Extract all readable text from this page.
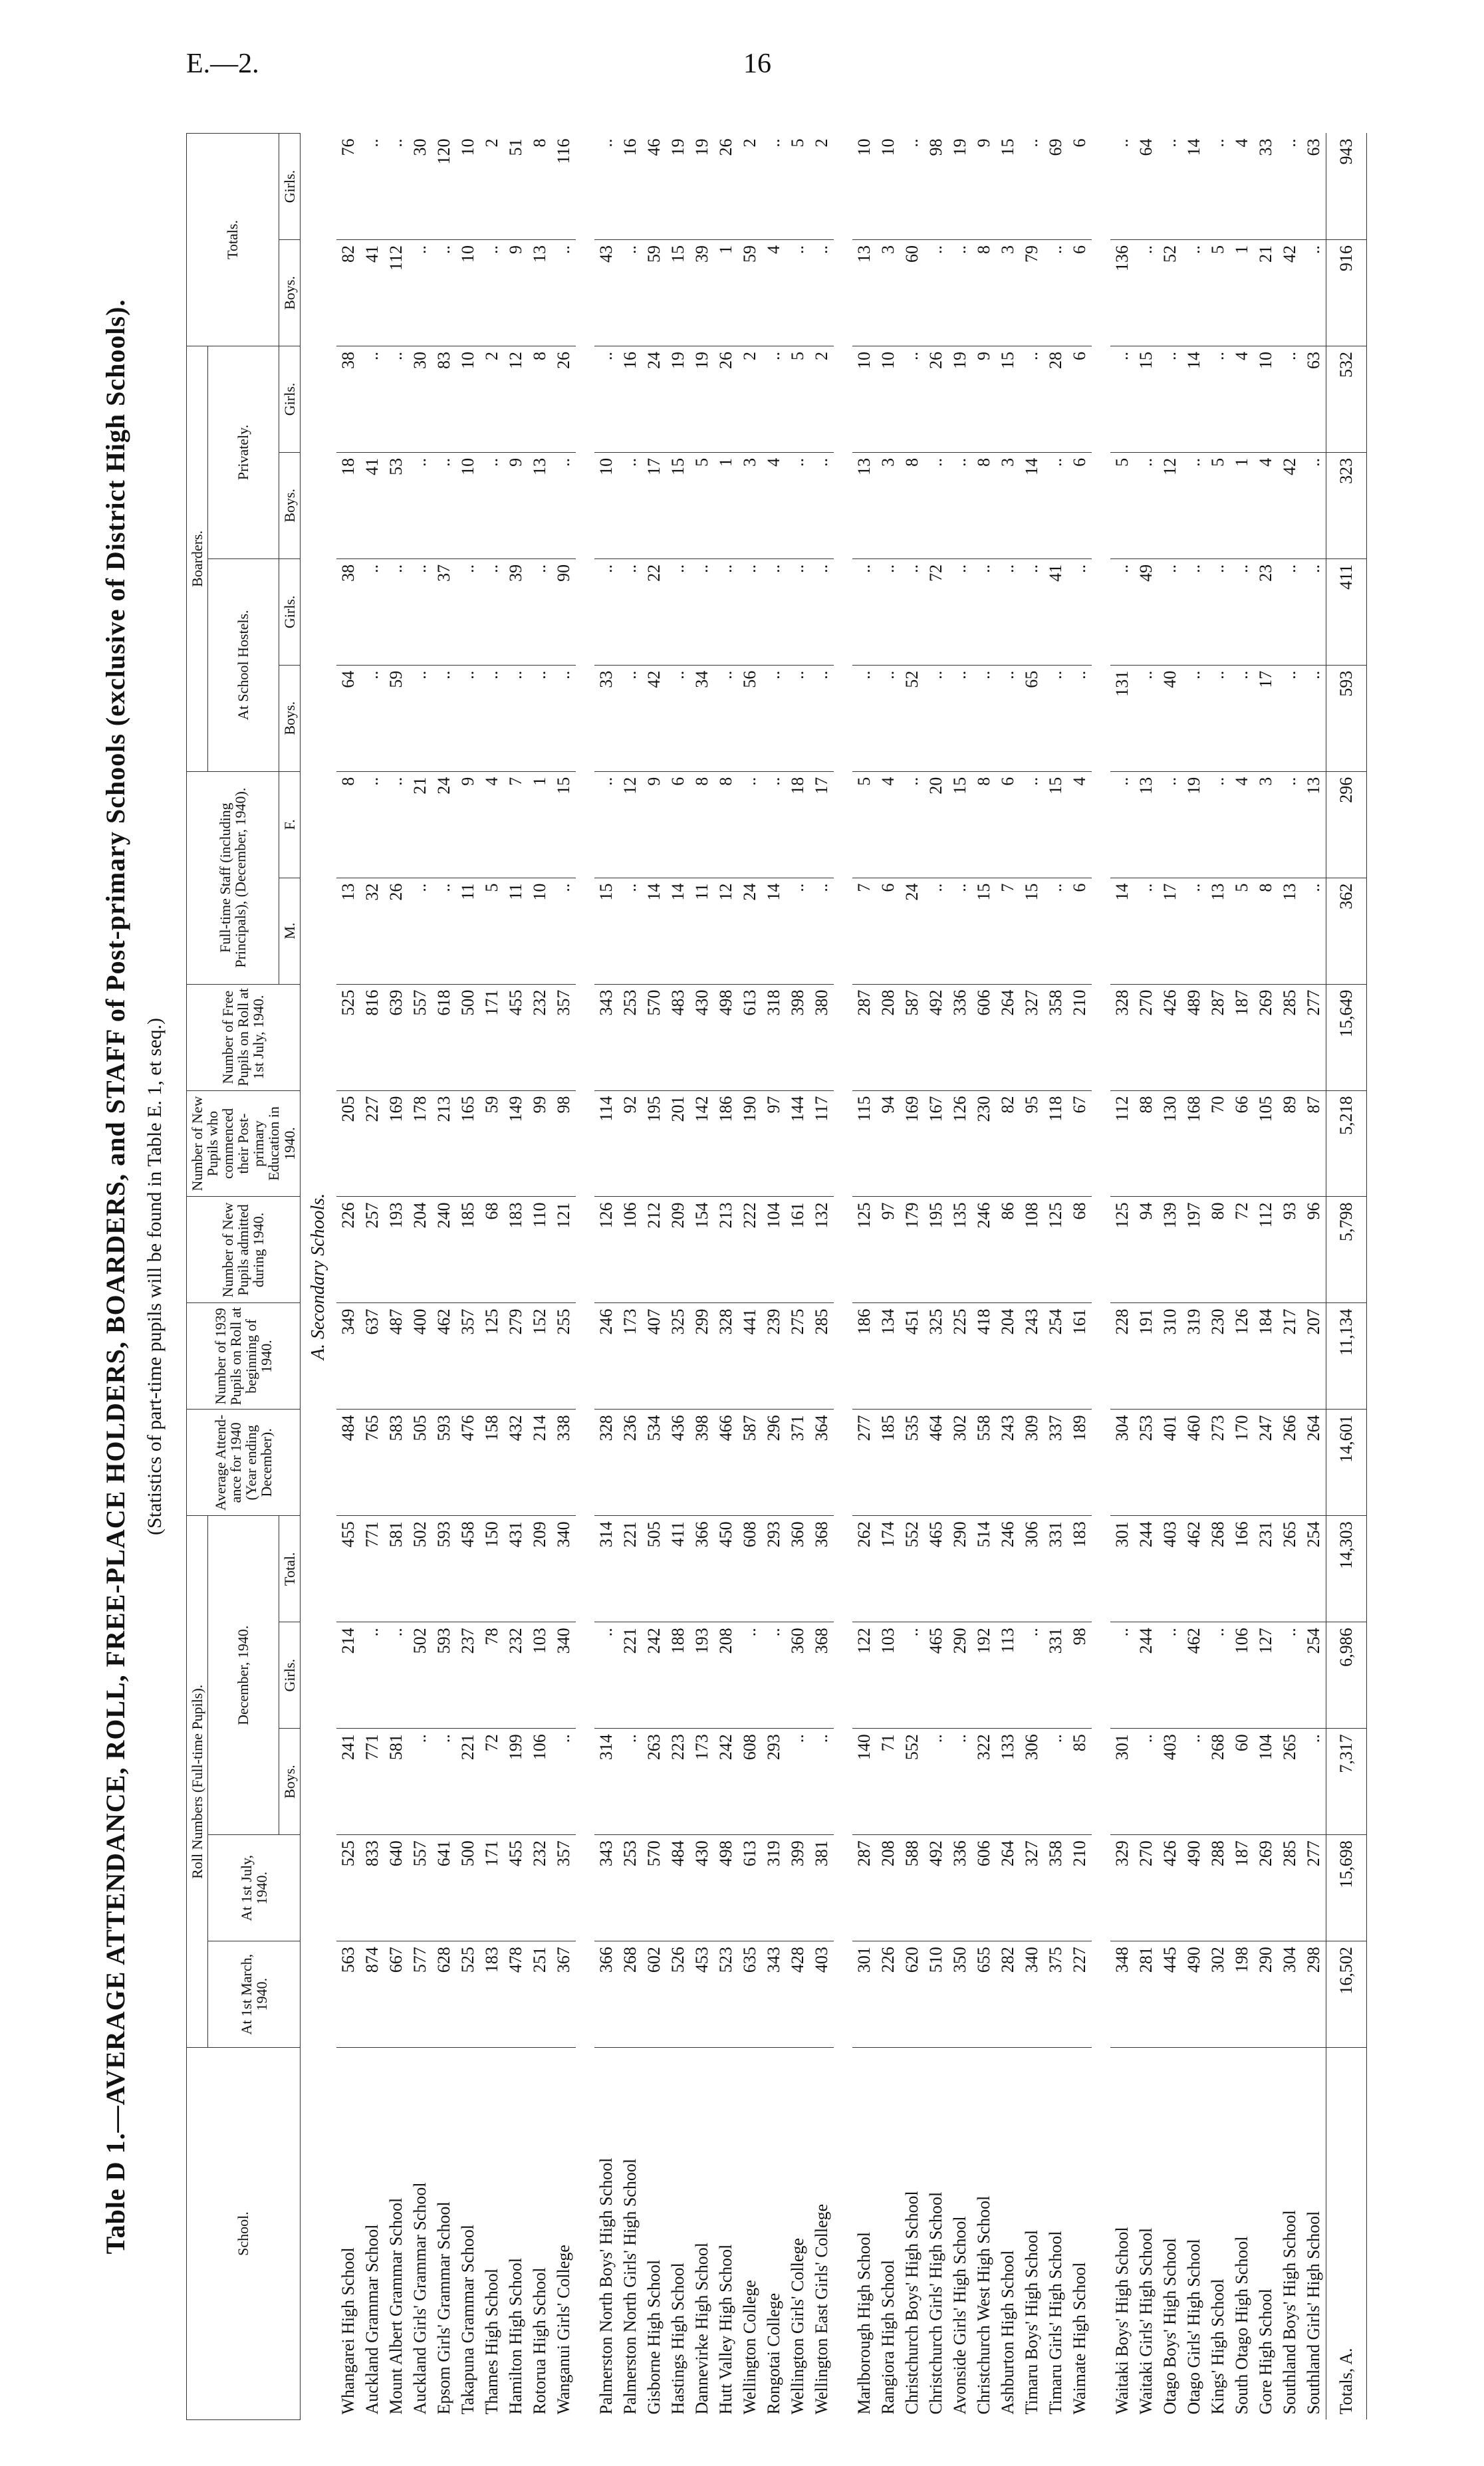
E.—2.	16
Table D 1.—AVERAGE ATTENDANCE, ROLL, FREE-PLACE HOLDERS, BOARDERS, and STAFF of Post-primary Schools (exclusive of District High Schools). (Statistics of part-time pupils will be found in Table E. 1, et seq.)
School.	Roll Numbers (Full-time Pupils).					Average Attend-ance for 1940 (Year ending December).	Number of 1939 Pupils on Roll at beginning of 1940.	Number of New Pupils admitted during 1940.	Number of New Pupils who commenced their Post-primary Education in 1940.	Number of Free Pupils on Roll at 1st July, 1940.	Full-time Staff (including Principals), (December, 1940).		Boarders.				Totals.	
	At 1st March, 1940.	At 1st July, 1940.	December, 1940.										At School Hostels.		Privately.			
			Boys.	Girls.	Total.						M.	F.	Boys.	Girls.	Boys.	Girls.	Boys.	Girls.
A. Secondary Schools.																		
Whangarei High School	563	525	241	214	455	484	349	226	205	525	13	8	64	38	18	38	82	76
Auckland Grammar School	874	833	771	..	771	765	637	257	227	816	32	..	..	..	41	..	41	..
Mount Albert Grammar School	667	640	581	..	581	583	487	193	169	639	26	..	59	..	53	..	112	..
Auckland Girls' Grammar School	577	557	..	502	502	505	400	204	178	557	..	21	..	..	..	30	..	30
Epsom Girls' Grammar School	628	641	..	593	593	593	462	240	213	618	..	24	..	37	..	83	..	120
Takapuna Grammar School	525	500	221	237	458	476	357	185	165	500	11	9	..	..	10	10	10	10
Thames High School	183	171	72	78	150	158	125	68	59	171	5	4	..	..	..	2	..	2
Hamilton High School	478	455	199	232	431	432	279	183	149	455	11	7	..	39	9	12	9	51
Rotorua High School	251	232	106	103	209	214	152	110	99	232	10	1	..	..	13	8	13	8
Wanganui Girls' College	367	357	..	340	340	338	255	121	98	357	..	15	..	90	..	26	..	116

Palmerston North Boys' High School	366	343	314	..	314	328	246	126	114	343	15	..	33	..	10	..	43	..
Palmerston North Girls' High School	268	253	..	221	221	236	173	106	92	253	..	12	..	..	..	16	..	16
Gisborne High School	602	570	263	242	505	534	407	212	195	570	14	9	42	22	17	24	59	46
Hastings High School	526	484	223	188	411	436	325	209	201	483	14	6	..	..	15	19	15	19
Dannevirke High School	453	430	173	193	366	398	299	154	142	430	11	8	34	..	5	19	39	19
Hutt Valley High School	523	498	242	208	450	466	328	213	186	498	12	8	..	..	1	26	1	26
Wellington College	635	613	608	..	608	587	441	222	190	613	24	..	56	..	3	2	59	2
Rongotai College	343	319	293	..	293	296	239	104	97	318	14	..	..	..	4	..	4	..
Wellington Girls' College	428	399	..	360	360	371	275	161	144	398	..	18	..	..	..	5	..	5
Wellington East Girls' College	403	381	..	368	368	364	285	132	117	380	..	17	..	..	..	2	..	2

Marlborough High School	301	287	140	122	262	277	186	125	115	287	7	5	..	..	13	10	13	10
Rangiora High School	226	208	71	103	174	185	134	97	94	208	6	4	..	..	3	10	3	10
Christchurch Boys' High School	620	588	552	..	552	535	451	179	169	587	24	..	52	..	8	..	60	..
Christchurch Girls' High School	510	492	..	465	465	464	325	195	167	492	..	20	..	72	..	26	..	98
Avonside Girls' High School	350	336	..	290	290	302	225	135	126	336	..	15	..	..	..	19	..	19
Christchurch West High School	655	606	322	192	514	558	418	246	230	606	15	8	..	..	8	9	8	9
Ashburton High School	282	264	133	113	246	243	204	86	82	264	7	6	..	..	3	15	3	15
Timaru Boys' High School	340	327	306	..	306	309	243	108	95	327	15	..	65	..	14	..	79	..
Timaru Girls' High School	375	358	..	331	331	337	254	125	118	358	..	15	..	41	..	28	..	69
Waimate High School	227	210	85	98	183	189	161	68	67	210	6	4	..	..	6	6	6	6

Waitaki Boys' High School	348	329	301	..	301	304	228	125	112	328	14	..	131	..	5	..	136	..
Waitaki Girls' High School	281	270	..	244	244	253	191	94	88	270	..	13	..	49	..	15	..	64
Otago Boys' High School	445	426	403	..	403	401	310	139	130	426	17	..	40	..	12	..	52	..
Otago Girls' High School	490	490	..	462	462	460	319	197	168	489	..	19	..	..	..	14	..	14
Kings' High School	302	288	268	..	268	273	230	80	70	287	13	..	..	..	5	..	5	..
South Otago High School	198	187	60	106	166	170	126	72	66	187	5	4	..	..	1	4	1	4
Gore High School	290	269	104	127	231	247	184	112	105	269	8	3	17	23	4	10	21	33
Southland Boys' High School	304	285	265	..	265	266	217	93	89	285	13	..	..	..	42	..	42	..
Southland Girls' High School	298	277	..	254	254	264	207	96	87	277	..	13	..	..	..	63	..	63
Totals, A.	16,502	15,698	7,317	6,986	14,303	14,601	11,134	5,798	5,218	15,649	362	296	593	411	323	532	916	943
